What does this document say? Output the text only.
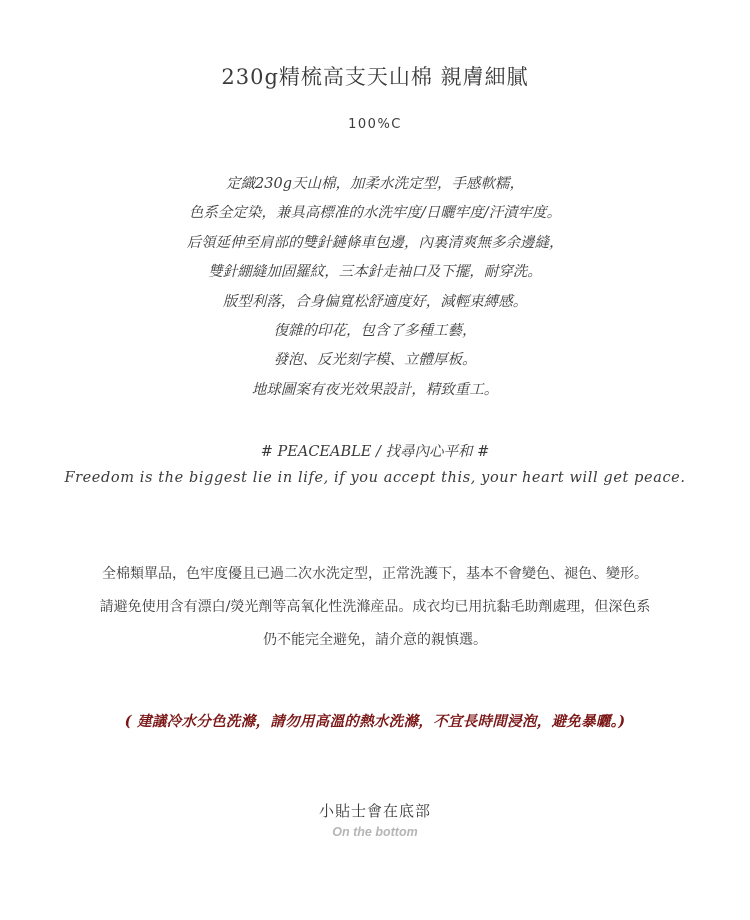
230g精梳高支天山棉 親膚細膩
100%C
定織230g天山棉，加柔水洗定型，手感軟糯，
色系全定染，兼具高標准的水洗牢度/日曬牢度/汗漬牢度。
后領延伸至肩部的雙針鏈條車包邊，內裏清爽無多余邊縫，
雙針綳縫加固羅紋，三本針走袖口及下擺，耐穿洗。
版型利落，合身偏寬松舒適度好，減輕束縛感。
復雜的印花，包含了多種工藝，
發泡、反光刻字模、立體厚板。
地球圖案有夜光效果設計，精致重工。
# PEACEABLE / 找尋內心平和 #
Freedom is the biggest lie in life, if you accept this, your heart will get peace.
全棉類單品，色牢度優且已過二次水洗定型，正常洗護下，基本不會變色、褪色、變形。
請避免使用含有漂白/熒光劑等高氧化性洗滌産品。成衣均已用抗黏毛助劑處理，但深色系
仍不能完全避免，請介意的親慎選。
( 建議冷水分色洗滌，請勿用高溫的熱水洗滌，不宜長時間浸泡，避免暴曬。)
小貼士會在底部
On the bottom
